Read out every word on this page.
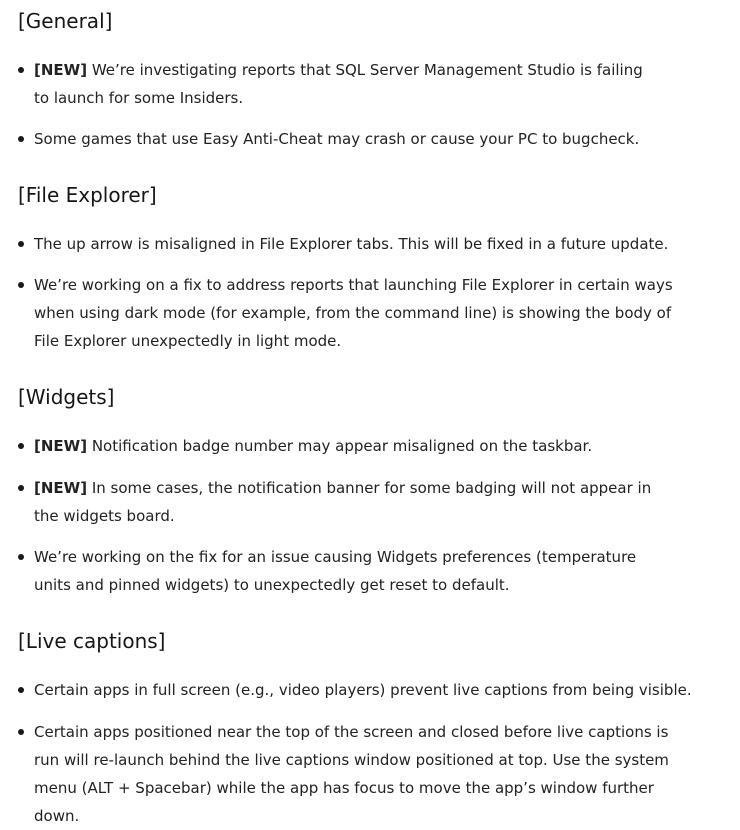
[General]
[NEW] We’re investigating reports that SQL Server Management Studio is failing to launch for some Insiders.
Some games that use Easy Anti-Cheat may crash or cause your PC to bugcheck.
[File Explorer]
The up arrow is misaligned in File Explorer tabs. This will be fixed in a future update.
We’re working on a fix to address reports that launching File Explorer in certain ways when using dark mode (for example, from the command line) is showing the body of File Explorer unexpectedly in light mode.
[Widgets]
[NEW] Notification badge number may appear misaligned on the taskbar.
[NEW] In some cases, the notification banner for some badging will not appear in the widgets board.
We’re working on the fix for an issue causing Widgets preferences (temperature units and pinned widgets) to unexpectedly get reset to default.
[Live captions]
Certain apps in full screen (e.g., video players) prevent live captions from being visible.
Certain apps positioned near the top of the screen and closed before live captions is run will re-launch behind the live captions window positioned at top. Use the system menu (ALT + Spacebar) while the app has focus to move the app’s window further down.
